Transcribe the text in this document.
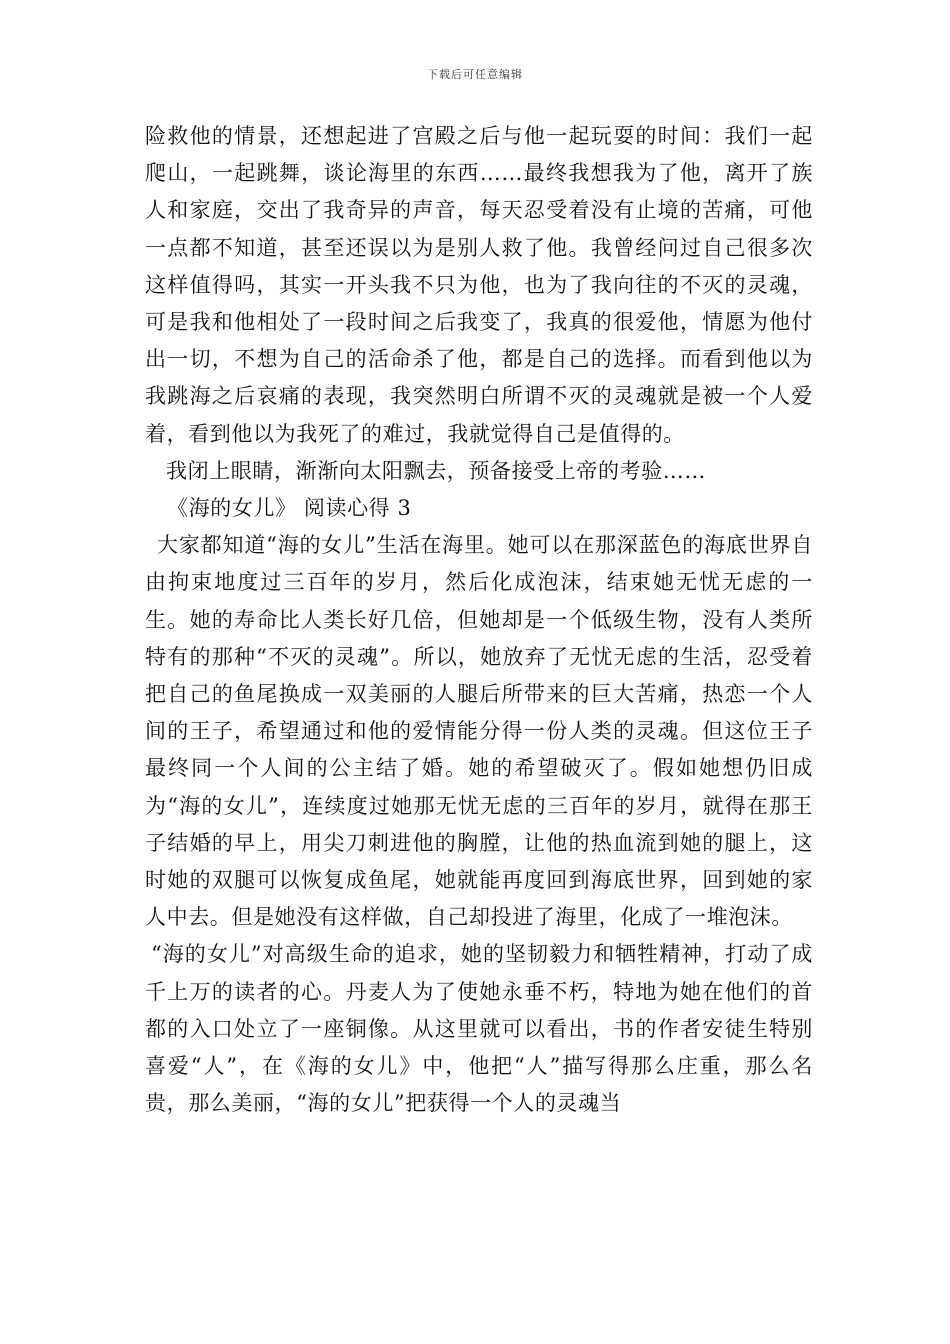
下载后可任意编辑

险救他的情景，还想起进了宫殿之后与他一起玩耍的时间：我们一起爬山，一起跳舞，谈论海里的东西……最终我想我为了他，离开了族人和家庭，交出了我奇异的声音，每天忍受着没有止境的苦痛，可他一点都不知道，甚至还误以为是别人救了他。我曾经问过自己很多次这样值得吗，其实一开头我不只为他，也为了我向往的不灭的灵魂，可是我和他相处了一段时间之后我变了，我真的很爱他，情愿为他付出一切，不想为自己的活命杀了他，都是自己的选择。而看到他以为我跳海之后哀痛的表现，我突然明白所谓不灭的灵魂就是被一个人爱着，看到他以为我死了的难过，我就觉得自己是值得的。

我闭上眼睛，渐渐向太阳飘去，预备接受上帝的考验……

《海的女儿》 阅读心得 3

大家都知道“海的女儿”生活在海里。她可以在那深蓝色的海底世界自由拘束地度过三百年的岁月，然后化成泡沫，结束她无忧无虑的一生。她的寿命比人类长好几倍，但她却是一个低级生物，没有人类所特有的那种“不灭的灵魂”。所以，她放弃了无忧无虑的生活，忍受着把自己的鱼尾换成一双美丽的人腿后所带来的巨大苦痛，热恋一个人间的王子，希望通过和他的爱情能分得一份人类的灵魂。但这位王子最终同一个人间的公主结了婚。她的希望破灭了。假如她想仍旧成为“海的女儿”，连续度过她那无忧无虑的三百年的岁月，就得在那王子结婚的早上，用尖刀刺进他的胸膛，让他的热血流到她的腿上，这时她的双腿可以恢复成鱼尾，她就能再度回到海底世界，回到她的家人中去。但是她没有这样做，自己却投进了海里，化成了一堆泡沫。

“海的女儿”对高级生命的追求，她的坚韧毅力和牺牲精神，打动了成千上万的读者的心。丹麦人为了使她永垂不朽，特地为她在他们的首都的入口处立了一座铜像。从这里就可以看出，书的作者安徒生特别喜爱“人”，在《海的女儿》中，他把“人”描写得那么庄重，那么名贵，那么美丽，“海的女儿”把获得一个人的灵魂当
